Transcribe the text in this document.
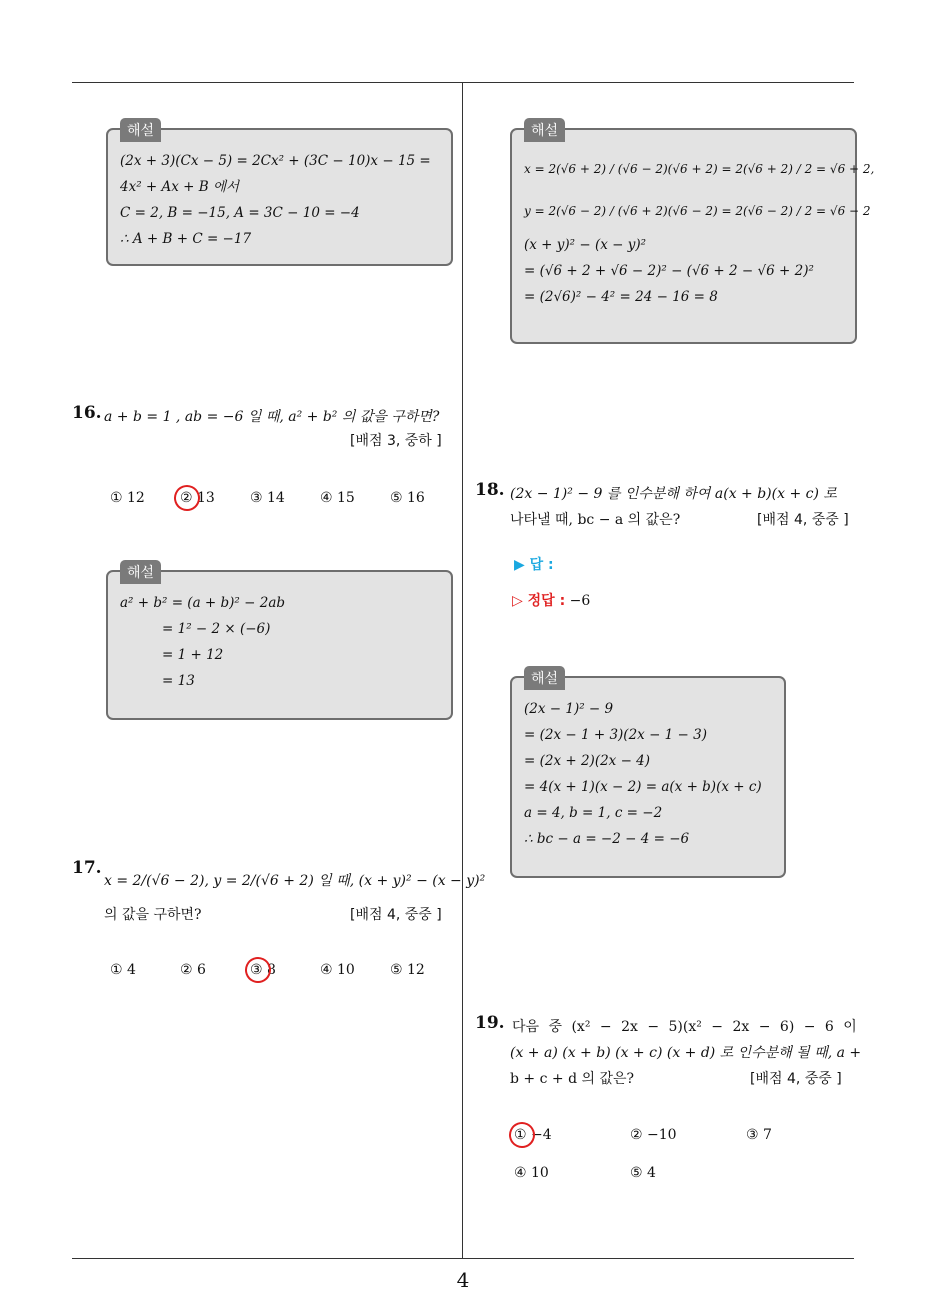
해설
(2x + 3)(Cx − 5) = 2Cx² + (3C − 10)x − 15 =
4x² + Ax + B 에서
C = 2, B = −15, A = 3C − 10 = −4
∴ A + B + C = −17
16. a + b = 1 , ab = −6 일 때, a² + b² 의 값을 구하면?
[배점 3, 중하 ]
① 12	② 13	③ 14	④ 15	⑤ 16
해설
a² + b² = (a + b)² − 2ab
= 1² − 2 × (−6)
= 1 + 12
= 13
17.
x = 2/(√6 − 2), y = 2/(√6 + 2) 일 때, (x + y)² − (x − y)²
의 값을 구하면?	[배점 4, 중중 ]
① 4	② 6	③ 8	④ 10	⑤ 12
해설
x = 2(√6 + 2) / (√6 − 2)(√6 + 2) = 2(√6 + 2) / 2 = √6 + 2,
y = 2(√6 − 2) / (√6 + 2)(√6 − 2) = 2(√6 − 2) / 2 = √6 − 2
(x + y)² − (x − y)²
= (√6 + 2 + √6 − 2)² − (√6 + 2 − √6 + 2)²
= (2√6)² − 4² = 24 − 16 = 8
18. (2x − 1)² − 9 를 인수분해 하여 a(x + b)(x + c) 로
나타낼 때, bc − a 의 값은?	[배점 4, 중중 ]
▶ 답 :
▷ 정답 : −6
해설
(2x − 1)² − 9
= (2x − 1 + 3)(2x − 1 − 3)
= (2x + 2)(2x − 4)
= 4(x + 1)(x − 2) = a(x + b)(x + c)
a = 4, b = 1, c = −2
∴ bc − a = −2 − 4 = −6
19. 다음 중 (x² − 2x − 5)(x² − 2x − 6) − 6 이
(x + a) (x + b) (x + c) (x + d) 로 인수분해 될 때, a +
b + c + d 의 값은?	[배점 4, 중중 ]
① −4	② −10	③ 7
④ 10	⑤ 4
4
